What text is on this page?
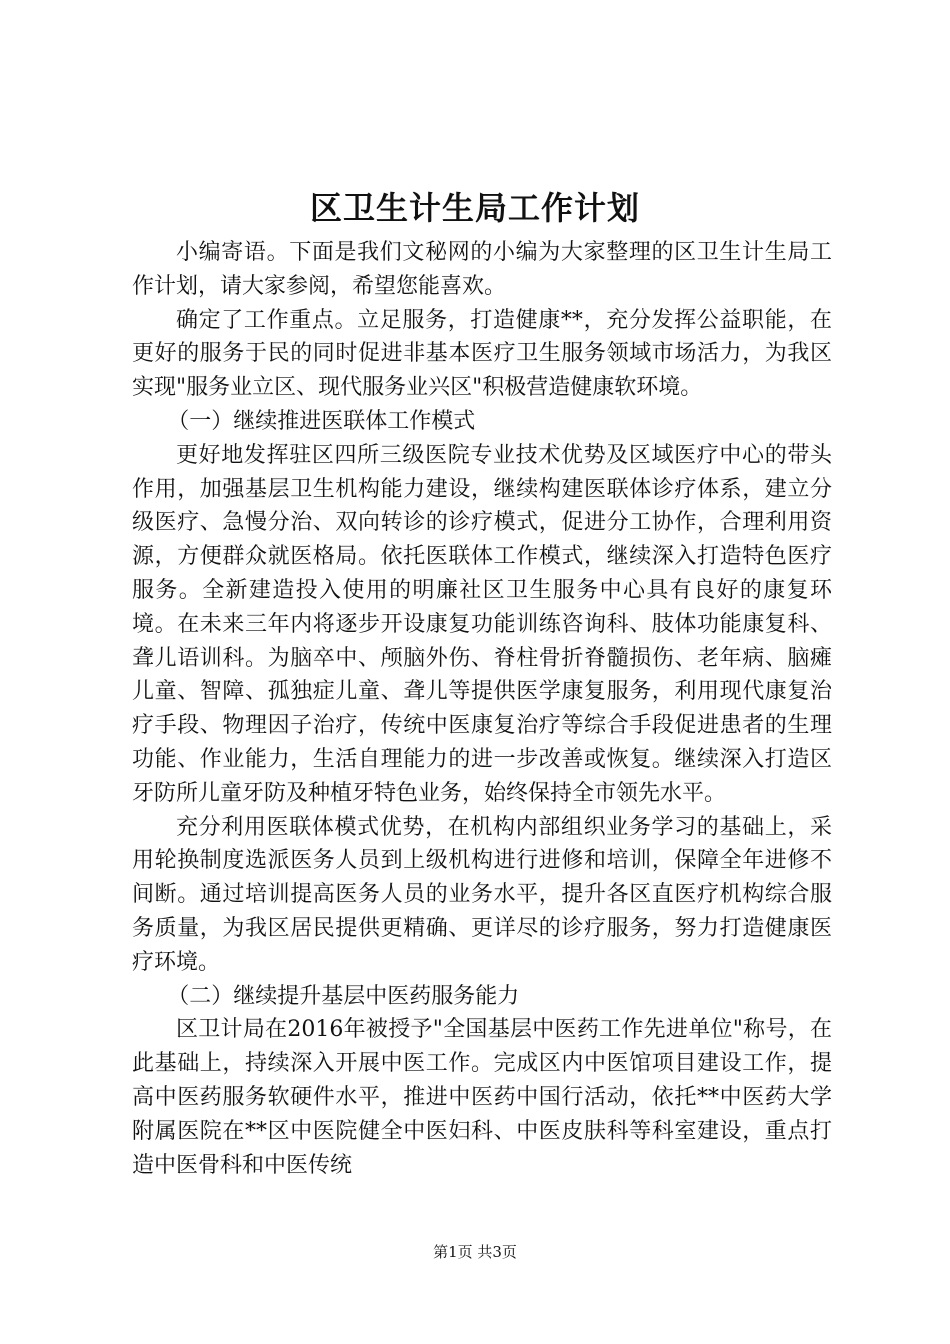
区卫生计生局工作计划

小编寄语。下面是我们文秘网的小编为大家整理的区卫生计生局工作计划，请大家参阅，希望您能喜欢。

确定了工作重点。立足服务，打造健康**，充分发挥公益职能，在更好的服务于民的同时促进非基本医疗卫生服务领域市场活力，为我区实现"服务业立区、现代服务业兴区"积极营造健康软环境。

（一）继续推进医联体工作模式

更好地发挥驻区四所三级医院专业技术优势及区域医疗中心的带头作用，加强基层卫生机构能力建设，继续构建医联体诊疗体系，建立分级医疗、急慢分治、双向转诊的诊疗模式，促进分工协作，合理利用资源，方便群众就医格局。依托医联体工作模式，继续深入打造特色医疗服务。全新建造投入使用的明廉社区卫生服务中心具有良好的康复环境。在未来三年内将逐步开设康复功能训练咨询科、肢体功能康复科、聋儿语训科。为脑卒中、颅脑外伤、脊柱骨折脊髓损伤、老年病、脑瘫儿童、智障、孤独症儿童、聋儿等提供医学康复服务，利用现代康复治疗手段、物理因子治疗，传统中医康复治疗等综合手段促进患者的生理功能、作业能力，生活自理能力的进一步改善或恢复。继续深入打造区牙防所儿童牙防及种植牙特色业务，始终保持全市领先水平。

充分利用医联体模式优势，在机构内部组织业务学习的基础上，采用轮换制度选派医务人员到上级机构进行进修和培训，保障全年进修不间断。通过培训提高医务人员的业务水平，提升各区直医疗机构综合服务质量，为我区居民提供更精确、更详尽的诊疗服务，努力打造健康医疗环境。

（二）继续提升基层中医药服务能力

区卫计局在2016年被授予"全国基层中医药工作先进单位"称号，在此基础上，持续深入开展中医工作。完成区内中医馆项目建设工作，提高中医药服务软硬件水平，推进中医药中国行活动，依托**中医药大学附属医院在**区中医院健全中医妇科、中医皮肤科等科室建设，重点打造中医骨科和中医传统

第1页 共3页
